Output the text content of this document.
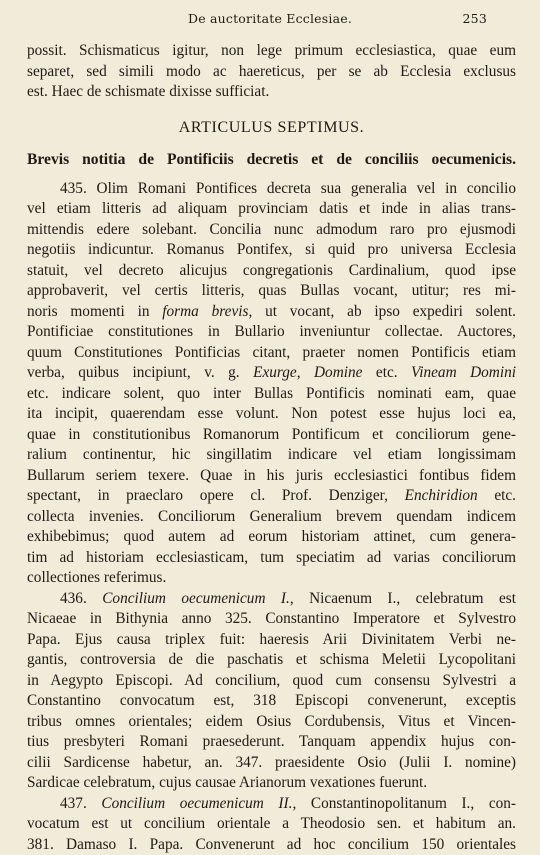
De auctoritate Ecclesiae.	253
possit. Schismaticus igitur, non lege primum ecclesiastica, quae eum
separet, sed simili modo ac haereticus, per se ab Ecclesia exclusus
est. Haec de schismate dixisse sufficiat.
ARTICULUS SEPTIMUS.
Brevis notitia de Pontificiis decretis et de conciliis oecumenicis.
435. Olim Romani Pontifices decreta sua generalia vel in concilio
vel etiam litteris ad aliquam provinciam datis et inde in alias trans-
mittendis edere solebant. Concilia nunc admodum raro pro ejusmodi
negotiis indicuntur. Romanus Pontifex, si quid pro universa Ecclesia
statuit, vel decreto alicujus congregationis Cardinalium, quod ipse
approbaverit, vel certis litteris, quas Bullas vocant, utitur; res mi-
noris momenti in forma brevis, ut vocant, ab ipso expediri solent.
Pontificiae constitutiones in Bullario inveniuntur collectae. Auctores,
quum Constitutiones Pontificias citant, praeter nomen Pontificis etiam
verba, quibus incipiunt, v. g. Exurge, Domine etc. Vineam Domini
etc. indicare solent, quo inter Bullas Pontificis nominati eam, quae
ita incipit, quaerendam esse volunt. Non potest esse hujus loci ea,
quae in constitutionibus Romanorum Pontificum et conciliorum gene-
ralium continentur, hic singillatim indicare vel etiam longissimam
Bullarum seriem texere. Quae in his juris ecclesiastici fontibus fidem
spectant, in praeclaro opere cl. Prof. Denziger, Enchiridion etc.
collecta invenies. Conciliorum Generalium brevem quendam indicem
exhibebimus; quod autem ad eorum historiam attinet, cum genera-
tim ad historiam ecclesiasticam, tum speciatim ad varias conciliorum
collectiones referimus.
436. Concilium oecumenicum I., Nicaenum I., celebratum est
Nicaeae in Bithynia anno 325. Constantino Imperatore et Sylvestro
Papa. Ejus causa triplex fuit: haeresis Arii Divinitatem Verbi ne-
gantis, controversia de die paschatis et schisma Meletii Lycopolitani
in Aegypto Episcopi. Ad concilium, quod cum consensu Sylvestri a
Constantino convocatum est, 318 Episcopi convenerunt, exceptis
tribus omnes orientales; eidem Osius Cordubensis, Vitus et Vincen-
tius presbyteri Romani praesederunt. Tanquam appendix hujus con-
cilii Sardicense habetur, an. 347. praesidente Osio (Julii I. nomine)
Sardicae celebratum, cujus causae Arianorum vexationes fuerunt.
437. Concilium oecumenicum II., Constantinopolitanum I., con-
vocatum est ut concilium orientale a Theodosio sen. et habitum an.
381. Damaso I. Papa. Convenerunt ad hoc concilium 150 orientales
